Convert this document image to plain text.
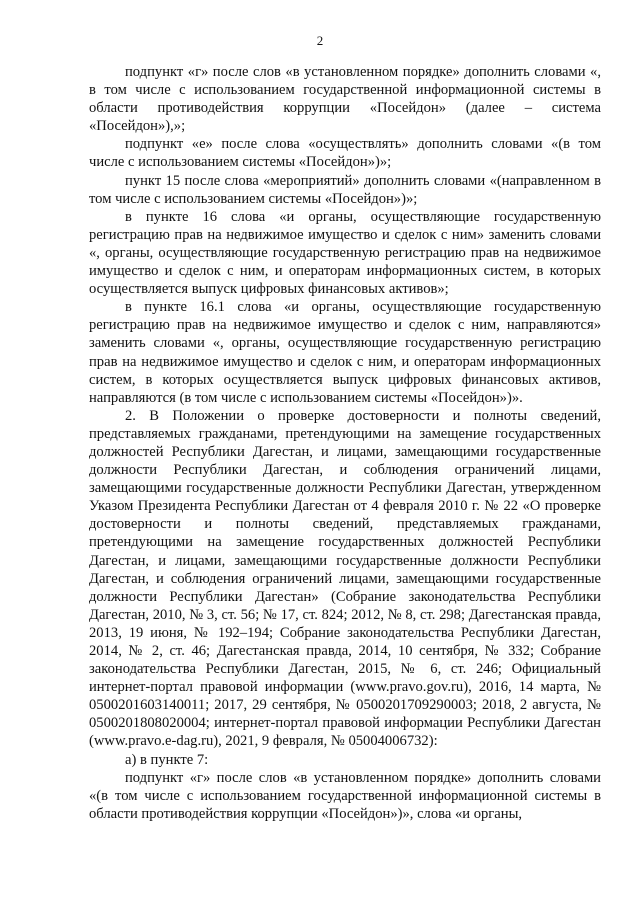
2

подпункт «г» после слов «в установленном порядке» дополнить словами «, в том числе с использованием государственной информационной системы в области противодействия коррупции «Посейдон» (далее – система «Посейдон»),»;

подпункт «е» после слова «осуществлять» дополнить словами «(в том числе с использованием системы «Посейдон»)»;

пункт 15 после слова «мероприятий» дополнить словами «(направленном в том числе с использованием системы «Посейдон»)»;

в пункте 16 слова «и органы, осуществляющие государственную регистрацию прав на недвижимое имущество и сделок с ним» заменить словами «, органы, осуществляющие государственную регистрацию прав на недвижимое имущество и сделок с ним, и операторам информационных систем, в которых осуществляется выпуск цифровых финансовых активов»;

в пункте 16.1 слова «и органы, осуществляющие государственную регистрацию прав на недвижимое имущество и сделок с ним, направляются» заменить словами «, органы, осуществляющие государственную регистрацию прав на недвижимое имущество и сделок с ним, и операторам информационных систем, в которых осуществляется выпуск цифровых финансовых активов, направляются (в том числе с использованием системы «Посейдон»)».

2. В Положении о проверке достоверности и полноты сведений, представляемых гражданами, претендующими на замещение государственных должностей Республики Дагестан, и лицами, замещающими государственные должности Республики Дагестан, и соблюдения ограничений лицами, замещающими государственные должности Республики Дагестан, утвержденном Указом Президента Республики Дагестан от 4 февраля 2010 г. № 22 «О проверке достоверности и полноты сведений, представляемых гражданами, претендующими на замещение государственных должностей Республики Дагестан, и лицами, замещающими государственные должности Республики Дагестан, и соблюдения ограничений лицами, замещающими государственные должности Республики Дагестан» (Собрание законодательства Республики Дагестан, 2010, № 3, ст. 56; № 17, ст. 824; 2012, № 8, ст. 298; Дагестанская правда, 2013, 19 июня, № 192–194; Собрание законодательства Республики Дагестан, 2014, № 2, ст. 46; Дагестанская правда, 2014, 10 сентября, № 332; Собрание законодательства Республики Дагестан, 2015, № 6, ст. 246; Официальный интернет-портал правовой информации (www.pravo.gov.ru), 2016, 14 марта, № 0500201603140011; 2017, 29 сентября, № 0500201709290003; 2018, 2 августа, № 0500201808020004; интернет-портал правовой информации Республики Дагестан (www.pravo.e-dag.ru), 2021, 9 февраля, № 05004006732):

а) в пункте 7:

подпункт «г» после слов «в установленном порядке» дополнить словами «(в том числе с использованием государственной информационной системы в области противодействия коррупции «Посейдон»)», слова «и органы,
